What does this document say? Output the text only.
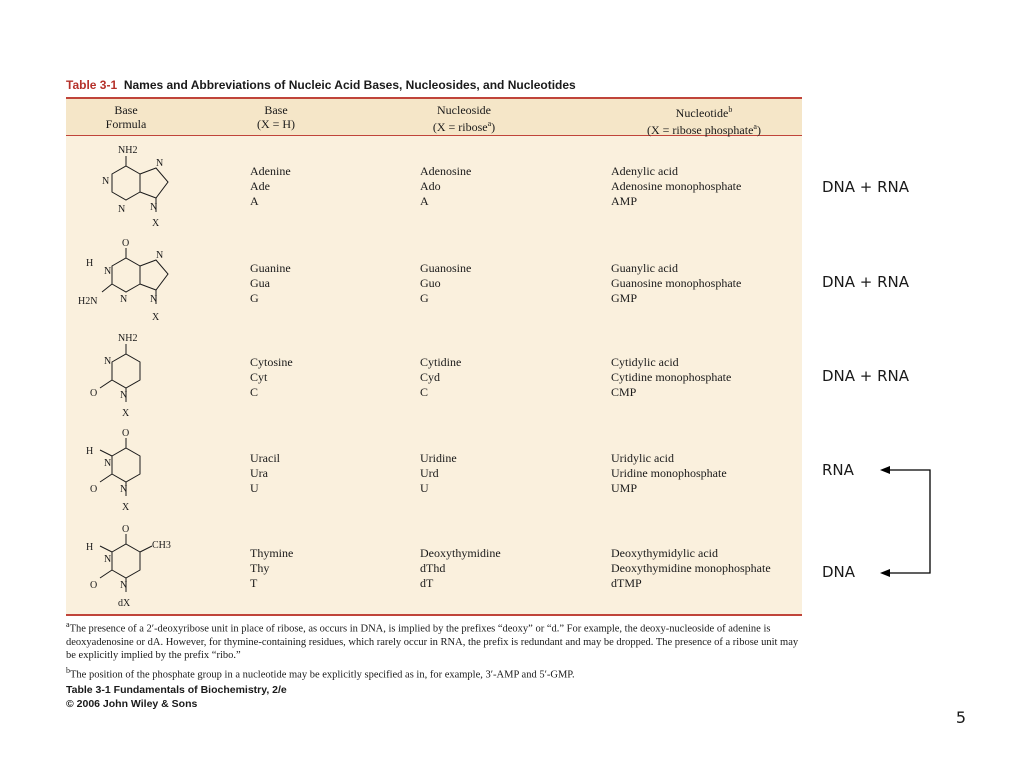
Table 3-1 Names and Abbreviations of Nucleic Acid Bases, Nucleosides, and Nucleotides
Base
Formula
Base
(X = H)
Nucleoside
(X = ribose$^a$)
Nucleotide$^b$
(X = ribose phosphate$^a$)
NH2
N
N
N
N
X
Adenine
Ade
A
Adenosine
Ado
A
Adenylic acid
Adenosine monophosphate
AMP
O
H
N
N
H2N N N
X
Guanine
Gua
G
Guanosine
Guo
G
Guanylic acid
Guanosine monophosphate
GMP
NH2
N
O N
X
Cytosine
Cyt
C
Cytidine
Cyd
C
Cytidylic acid
Cytidine monophosphate
CMP
O
H
N
O N
X
Uracil
Ura
U
Uridine
Urd
U
Uridylic acid
Uridine monophosphate
UMP
O
CH3
H
N
O N
dX
Thymine
Thy
T
Deoxythymidine
dThd
dT
Deoxythymidylic acid
Deoxythymidine monophosphate
dTMP
$^a$The presence of a 2′-deoxyribose unit in place of ribose, as occurs in DNA, is implied by the prefixes “deoxy” or “d.” For example, the deoxy-nucleoside of adenine is deoxyadenosine or dA. However, for thymine-containing residues, which rarely occur in RNA, the prefix is redundant and may be dropped. The presence of a ribose unit may be explicitly implied by the prefix “ribo.”
$^b$The position of the phosphate group in a nucleotide may be explicitly specified as in, for example, 3′-AMP and 5′-GMP.
Table 3-1 Fundamentals of Biochemistry, 2/e
© 2006 John Wiley & Sons
DNA + RNA
DNA + RNA
DNA + RNA
RNA
DNA
5
